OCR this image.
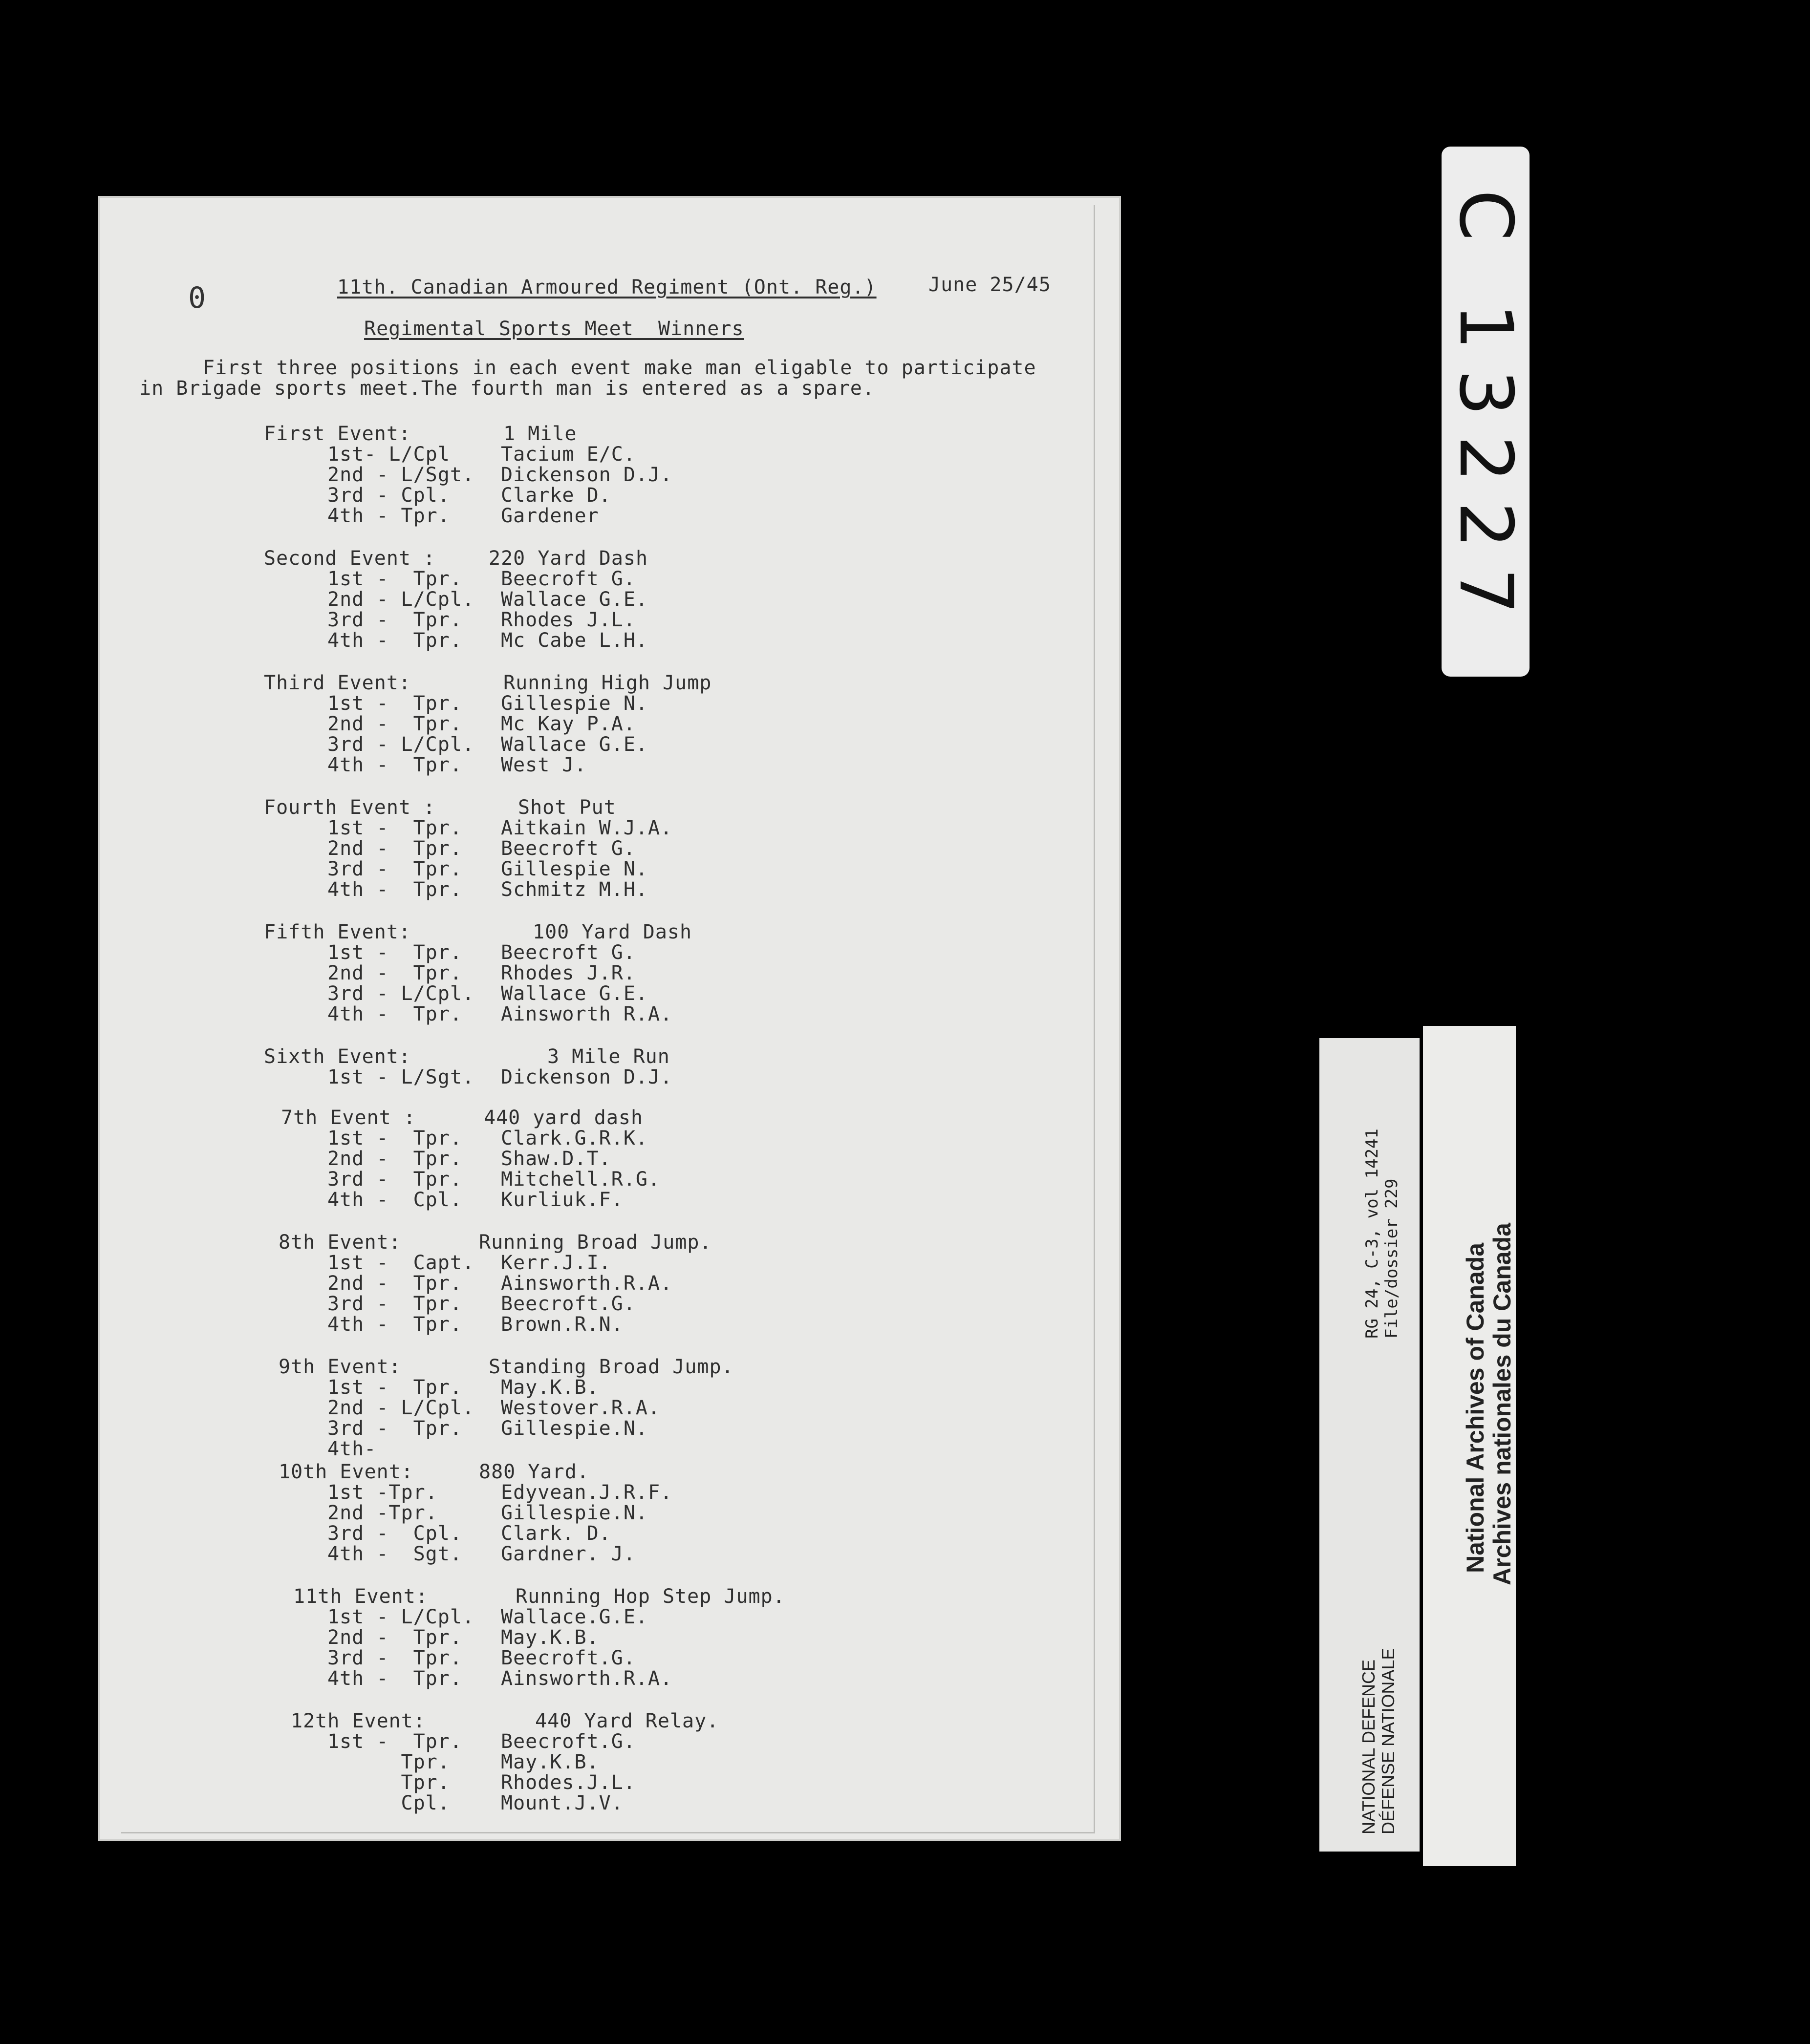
0	11th. Canadian Armoured Regiment (Ont. Reg.)	June 25/45
Regimental Sports Meet  Winners
First three positions in each event make man eligable to participate
in Brigade sports meet.The fourth man is entered as a spare.
First Event:	1 Mile
1st- L/Cpl	Tacium E/C.
2nd - L/Sgt. Dickenson D.J.
3rd - Cpl.	Clarke D.
4th - Tpr.	Gardener
Second Event :	220 Yard Dash
1st -  Tpr. Beecroft G.
2nd - L/Cpl. Wallace G.E.
3rd -  Tpr. Rhodes J.L.
4th -  Tpr. Mc Cabe L.H.
Third Event:	Running High Jump
1st -  Tpr. Gillespie N.
2nd -  Tpr. Mc Kay P.A.
3rd - L/Cpl. Wallace G.E.
4th -  Tpr. West J.
Fourth Event :	Shot Put
1st -  Tpr. Aitkain W.J.A.
2nd -  Tpr. Beecroft G.
3rd -  Tpr. Gillespie N.
4th -  Tpr. Schmitz M.H.
Fifth Event:	100 Yard Dash
1st -  Tpr. Beecroft G.
2nd -  Tpr. Rhodes J.R.
3rd - L/Cpl. Wallace G.E.
4th -  Tpr. Ainsworth R.A.
Sixth Event:	3 Mile Run
1st - L/Sgt. Dickenson D.J.
7th Event :	440 yard dash
1st -  Tpr. Clark.G.R.K.
2nd -  Tpr. Shaw.D.T.
3rd -  Tpr. Mitchell.R.G.
4th -  Cpl. Kurliuk.F.
8th Event:	Running Broad Jump.
1st -  Capt. Kerr.J.I.
2nd -  Tpr. Ainsworth.R.A.
3rd -  Tpr. Beecroft.G.
4th -  Tpr. Brown.R.N.
9th Event:	Standing Broad Jump.
1st -  Tpr. May.K.B.
2nd - L/Cpl. Westover.R.A.
3rd -  Tpr. Gillespie.N.
4th-
10th Event:	880 Yard.
1st -Tpr.	Edyvean.J.R.F.
2nd -Tpr.	Gillespie.N.
3rd -  Cpl. Clark. D.
4th -  Sgt. Gardner. J.
11th Event:	Running Hop Step Jump.
1st - L/Cpl. Wallace.G.E.
2nd -  Tpr. May.K.B.
3rd -  Tpr. Beecroft.G.
4th -  Tpr. Ainsworth.R.A.
12th Event:	440 Yard Relay.
1st -  Tpr. Beecroft.G.
Tpr.	May.K.B.
Tpr.	Rhodes.J.L.
Cpl.	Mount.J.V.
C 13227
RG 24, C-3, vol 14241 File/dossier 229
NATIONAL DEFENCE DÉFENSE NATIONALE
National Archives of Canada Archives nationales du Canada
